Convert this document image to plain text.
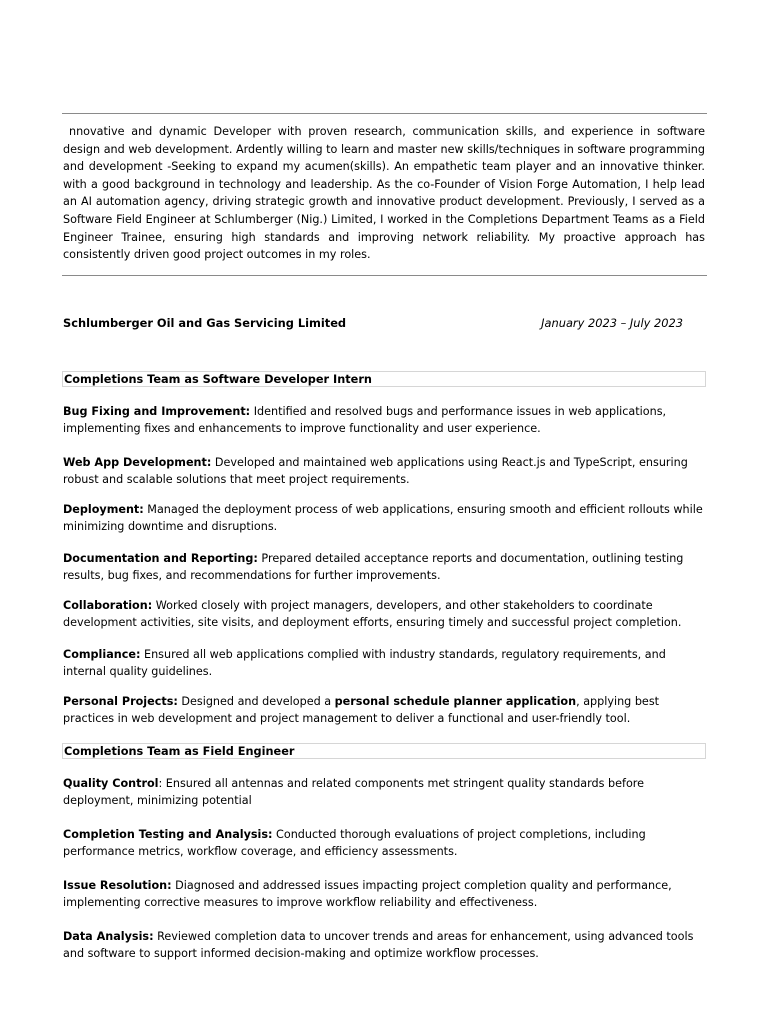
nnovative and dynamic Developer with proven research, communication skills, and experience in software design and web development. Ardently willing to learn and master new skills/techniques in software programming and development -Seeking to expand my acumen(skills). An empathetic team player and an innovative thinker. with a good background in technology and leadership. As the co-Founder of Vision Forge Automation, I help lead an AI automation agency, driving strategic growth and innovative product development. Previously, I served as a Software Field Engineer at Schlumberger (Nig.) Limited, I worked in the Completions Department Teams as a Field Engineer Trainee, ensuring high standards and improving network reliability. My proactive approach has consistently driven good project outcomes in my roles.

Schlumberger Oil and Gas Servicing Limited	January 2023 – July 2023
Completions Team as Software Developer Intern
Bug Fixing and Improvement: Identified and resolved bugs and performance issues in web applications, implementing fixes and enhancements to improve functionality and user experience.
Web App Development: Developed and maintained web applications using React.js and TypeScript, ensuring robust and scalable solutions that meet project requirements.
Deployment: Managed the deployment process of web applications, ensuring smooth and efficient rollouts while minimizing downtime and disruptions.
Documentation and Reporting: Prepared detailed acceptance reports and documentation, outlining testing results, bug fixes, and recommendations for further improvements.
Collaboration: Worked closely with project managers, developers, and other stakeholders to coordinate development activities, site visits, and deployment efforts, ensuring timely and successful project completion.
Compliance: Ensured all web applications complied with industry standards, regulatory requirements, and internal quality guidelines.
Personal Projects: Designed and developed a personal schedule planner application, applying best practices in web development and project management to deliver a functional and user-friendly tool.
Completions Team as Field Engineer
Quality Control: Ensured all antennas and related components met stringent quality standards before deployment, minimizing potential
Completion Testing and Analysis: Conducted thorough evaluations of project completions, including performance metrics, workflow coverage, and efficiency assessments.
Issue Resolution: Diagnosed and addressed issues impacting project completion quality and performance, implementing corrective measures to improve workflow reliability and effectiveness.
Data Analysis: Reviewed completion data to uncover trends and areas for enhancement, using advanced tools and software to support informed decision-making and optimize workflow processes.
